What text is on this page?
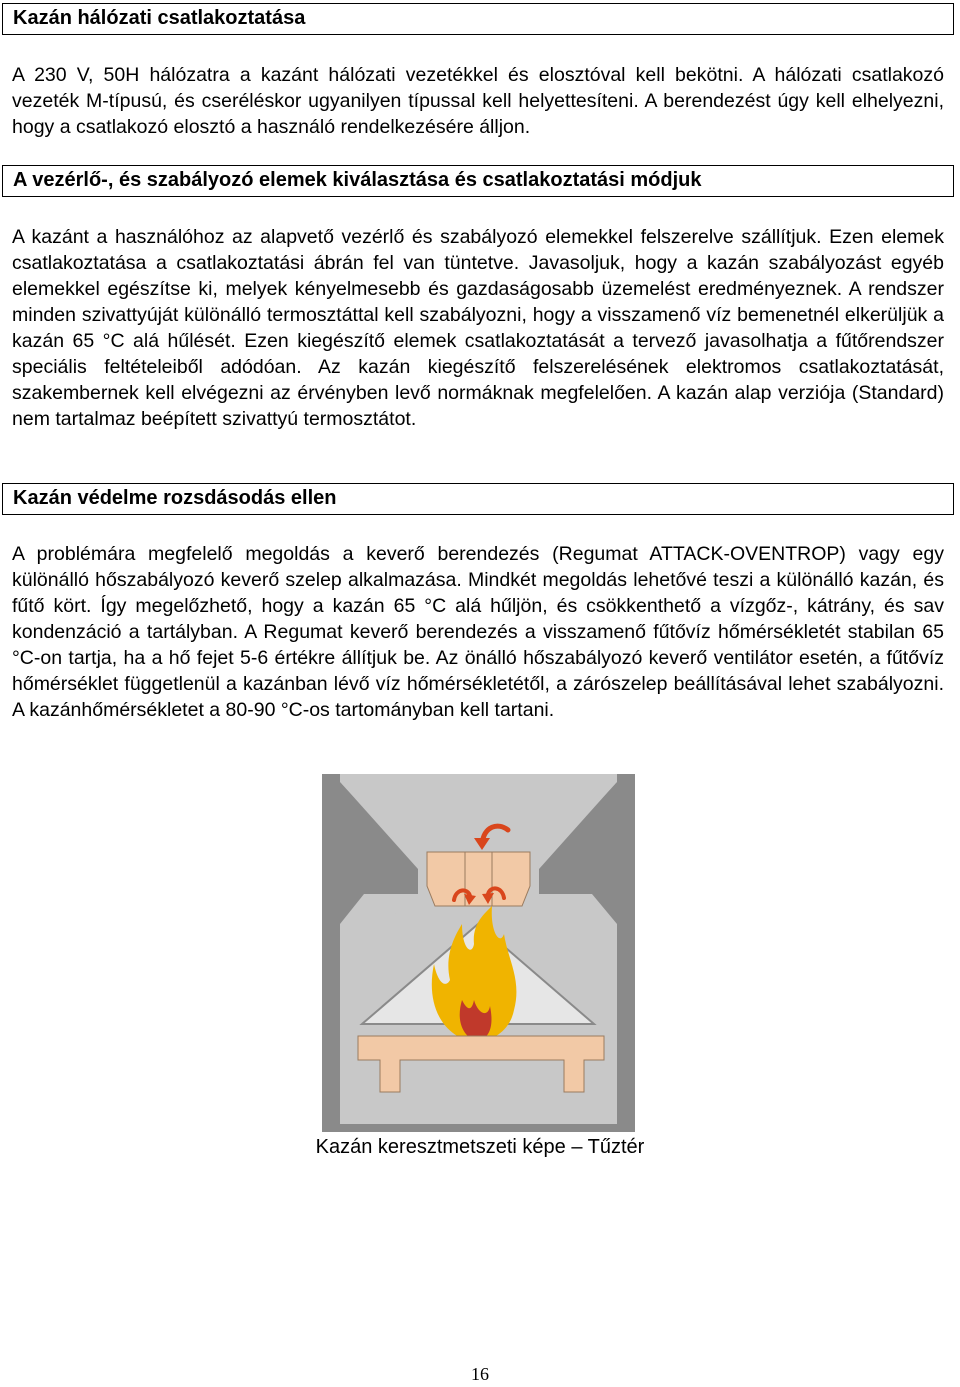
Kazán hálózati csatlakoztatása

A 230 V, 50H hálózatra a kazánt hálózati vezetékkel és elosztóval kell bekötni. A hálózati csatlakozó vezeték M-típusú, és cseréléskor ugyanilyen típussal kell helyettesíteni. A berendezést úgy kell elhelyezni, hogy a csatlakozó elosztó a használó rendelkezésére álljon.

A vezérlő-, és szabályozó elemek kiválasztása és csatlakoztatási módjuk

A kazánt a használóhoz az alapvető vezérlő és szabályozó elemekkel felszerelve szállítjuk. Ezen elemek csatlakoztatása a csatlakoztatási ábrán fel van tüntetve. Javasoljuk, hogy a kazán szabályozást egyéb elemekkel egészítse ki, melyek kényelmesebb és gazdaságosabb üzemelést eredményeznek. A rendszer minden szivattyúját különálló termosztáttal kell szabályozni, hogy a visszamenő víz bemenetnél elkerüljük a kazán 65 °C alá hűlését. Ezen kiegészítő elemek csatlakoztatását a tervező javasolhatja a fűtőrendszer speciális feltételeiből adódóan. Az kazán kiegészítő felszerelésének elektromos csatlakoztatását, szakembernek kell elvégezni az érvényben levő normáknak megfelelően. A kazán alap verziója (Standard) nem tartalmaz beépített szivattyú termosztátot.

Kazán védelme rozsdásodás ellen

A problémára megfelelő megoldás a keverő berendezés (Regumat ATTACK-OVENTROP) vagy egy különálló hőszabályozó keverő szelep alkalmazása. Mindkét megoldás lehetővé teszi a különálló kazán, és fűtő kört. Így megelőzhető, hogy a kazán 65 °C alá hűljön, és csökkenthető a vízgőz-, kátrány, és sav kondenzáció a tartályban. A Regumat keverő berendezés a visszamenő fűtővíz hőmérsékletét stabilan 65 °C-on tartja, ha a hő fejet 5-6 értékre állítjuk be. Az önálló hőszabályozó keverő ventilátor esetén, a fűtővíz hőmérséklet függetlenül a kazánban lévő víz hőmérsékletétől, a zárószelep beállításával lehet szabályozni. A kazánhőmérsékletet a 80-90 °C-os tartományban kell tartani.

Kazán keresztmetszeti képe – Tűztér
16
